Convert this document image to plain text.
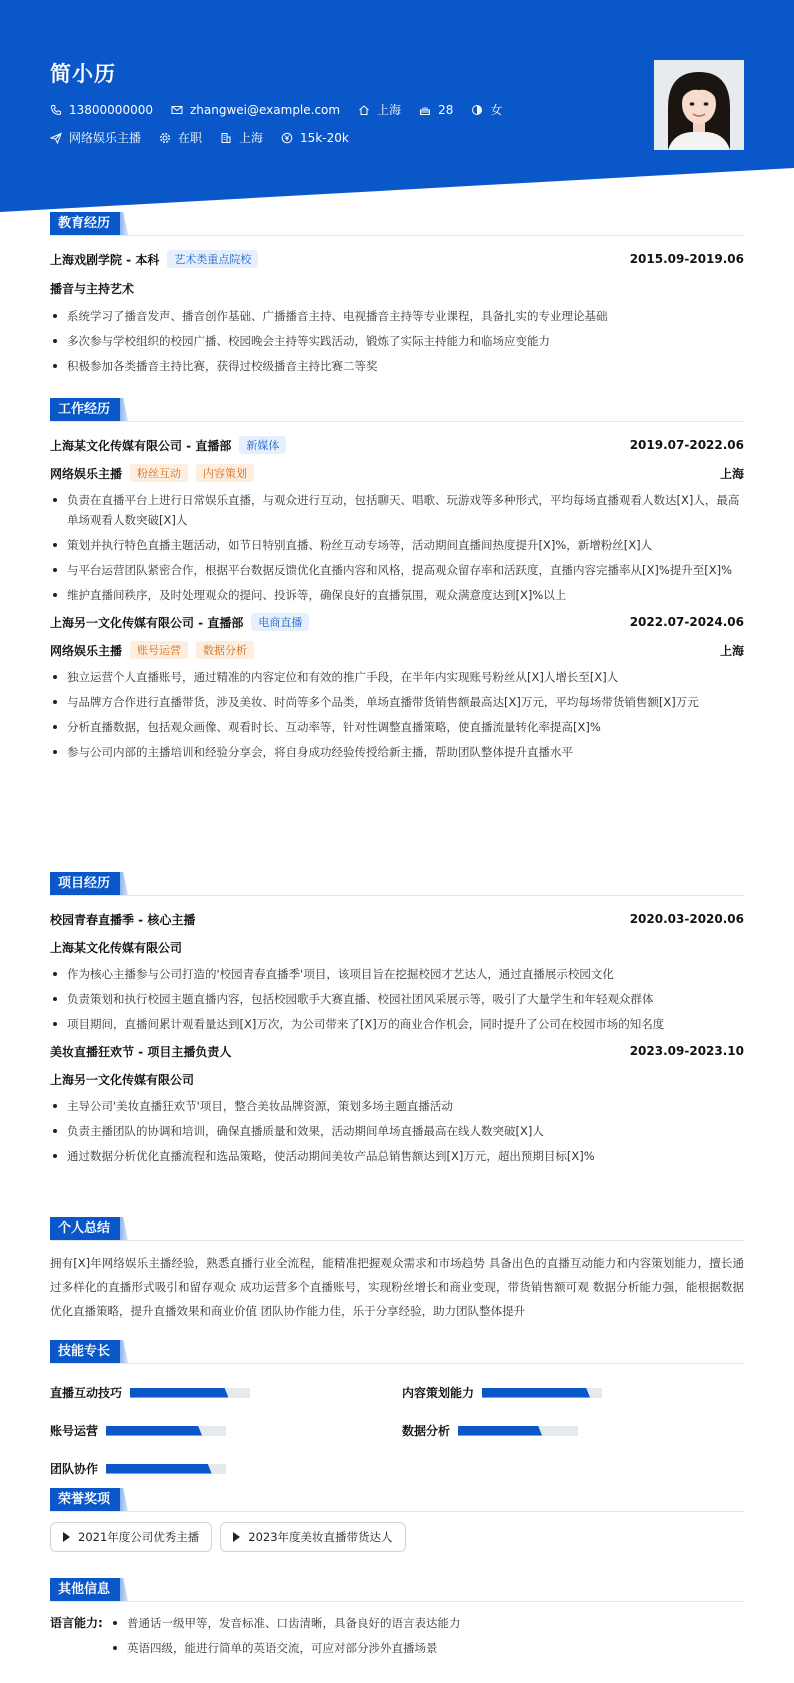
简小历
13800000000	zhangwei@example.com	上海	28	女
网络娱乐主播	在职	上海	15k-20k
教育经历
上海戏剧学院 - 本科	艺术类重点院校	2015.09-2019.06
播音与主持艺术
系统学习了播音发声、播音创作基础、广播播音主持、电视播音主持等专业课程，具备扎实的专业理论基础
多次参与学校组织的校园广播、校园晚会主持等实践活动，锻炼了实际主持能力和临场应变能力
积极参加各类播音主持比赛，获得过校级播音主持比赛二等奖
工作经历
上海某文化传媒有限公司 - 直播部	新媒体	2019.07-2022.06
网络娱乐主播	粉丝互动	内容策划	上海
负责在直播平台上进行日常娱乐直播，与观众进行互动，包括聊天、唱歌、玩游戏等多种形式，平均每场直播观看人数达[X]人，最高单场观看人数突破[X]人
策划并执行特色直播主题活动，如节日特别直播、粉丝互动专场等，活动期间直播间热度提升[X]%，新增粉丝[X]人
与平台运营团队紧密合作，根据平台数据反馈优化直播内容和风格，提高观众留存率和活跃度，直播内容完播率从[X]%提升至[X]%
维护直播间秩序，及时处理观众的提问、投诉等，确保良好的直播氛围，观众满意度达到[X]%以上
上海另一文化传媒有限公司 - 直播部	电商直播	2022.07-2024.06
网络娱乐主播	账号运营	数据分析	上海
独立运营个人直播账号，通过精准的内容定位和有效的推广手段，在半年内实现账号粉丝从[X]人增长至[X]人
与品牌方合作进行直播带货，涉及美妆、时尚等多个品类，单场直播带货销售额最高达[X]万元，平均每场带货销售额[X]万元
分析直播数据，包括观众画像、观看时长、互动率等，针对性调整直播策略，使直播流量转化率提高[X]%
参与公司内部的主播培训和经验分享会，将自身成功经验传授给新主播，帮助团队整体提升直播水平
项目经历
校园青春直播季 - 核心主播	2020.03-2020.06
上海某文化传媒有限公司
作为核心主播参与公司打造的'校园青春直播季'项目，该项目旨在挖掘校园才艺达人，通过直播展示校园文化
负责策划和执行校园主题直播内容，包括校园歌手大赛直播、校园社团风采展示等，吸引了大量学生和年轻观众群体
项目期间，直播间累计观看量达到[X]万次，为公司带来了[X]万的商业合作机会，同时提升了公司在校园市场的知名度
美妆直播狂欢节 - 项目主播负责人	2023.09-2023.10
上海另一文化传媒有限公司
主导公司'美妆直播狂欢节'项目，整合美妆品牌资源，策划多场主题直播活动
负责主播团队的协调和培训，确保直播质量和效果，活动期间单场直播最高在线人数突破[X]人
通过数据分析优化直播流程和选品策略，使活动期间美妆产品总销售额达到[X]万元，超出预期目标[X]%
个人总结
拥有[X]年网络娱乐主播经验，熟悉直播行业全流程，能精准把握观众需求和市场趋势 具备出色的直播互动能力和内容策划能力，擅长通过多样化的直播形式吸引和留存观众 成功运营多个直播账号，实现粉丝增长和商业变现，带货销售额可观 数据分析能力强，能根据数据优化直播策略，提升直播效果和商业价值 团队协作能力佳，乐于分享经验，助力团队整体提升
技能专长
直播互动技巧	内容策划能力
账号运营	数据分析
团队协作
荣誉奖项
2021年度公司优秀主播	2023年度美妆直播带货达人
其他信息
语言能力:	普通话一级甲等，发音标准、口齿清晰，具备良好的语言表达能力
英语四级，能进行简单的英语交流，可应对部分涉外直播场景
